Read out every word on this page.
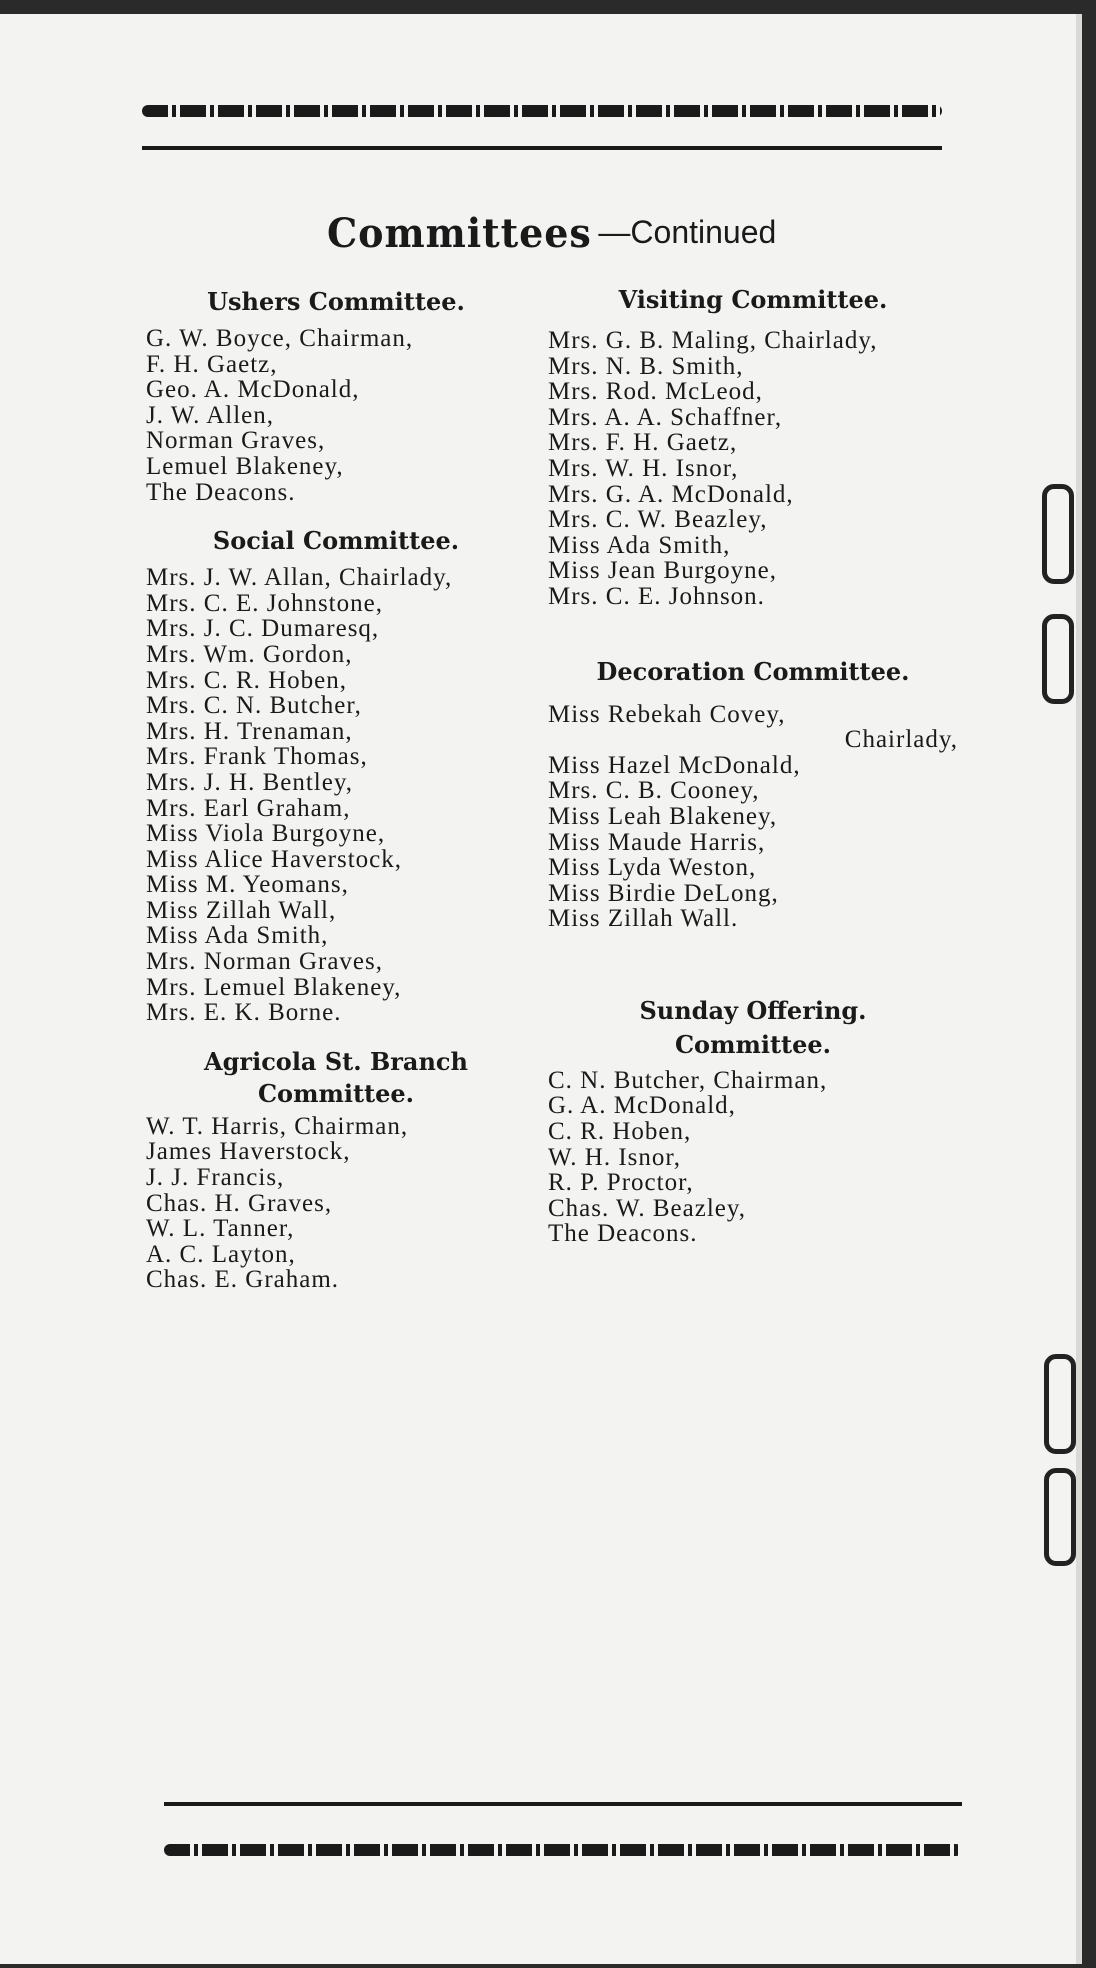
Committees —Continued
Ushers Committee.
G. W. Boyce, Chairman,
F. H. Gaetz,
Geo. A. McDonald,
J. W. Allen,
Norman Graves,
Lemuel Blakeney,
The Deacons.
Social Committee.
Mrs. J. W. Allan, Chairlady,
Mrs. C. E. Johnstone,
Mrs. J. C. Dumaresq,
Mrs. Wm. Gordon,
Mrs. C. R. Hoben,
Mrs. C. N. Butcher,
Mrs. H. Trenaman,
Mrs. Frank Thomas,
Mrs. J. H. Bentley,
Mrs. Earl Graham,
Miss Viola Burgoyne,
Miss Alice Haverstock,
Miss M. Yeomans,
Miss Zillah Wall,
Miss Ada Smith,
Mrs. Norman Graves,
Mrs. Lemuel Blakeney,
Mrs. E. K. Borne.
Agricola St. Branch
Committee.
W. T. Harris, Chairman,
James Haverstock,
J. J. Francis,
Chas. H. Graves,
W. L. Tanner,
A. C. Layton,
Chas. E. Graham.
Visiting Committee.
Mrs. G. B. Maling, Chairlady,
Mrs. N. B. Smith,
Mrs. Rod. McLeod,
Mrs. A. A. Schaffner,
Mrs. F. H. Gaetz,
Mrs. W. H. Isnor,
Mrs. G. A. McDonald,
Mrs. C. W. Beazley,
Miss Ada Smith,
Miss Jean Burgoyne,
Mrs. C. E. Johnson.
Decoration Committee.
Miss Rebekah Covey,
Chairlady,
Miss Hazel McDonald,
Mrs. C. B. Cooney,
Miss Leah Blakeney,
Miss Maude Harris,
Miss Lyda Weston,
Miss Birdie DeLong,
Miss Zillah Wall.
Sunday Offering.
Committee.
C. N. Butcher, Chairman,
G. A. McDonald,
C. R. Hoben,
W. H. Isnor,
R. P. Proctor,
Chas. W. Beazley,
The Deacons.
